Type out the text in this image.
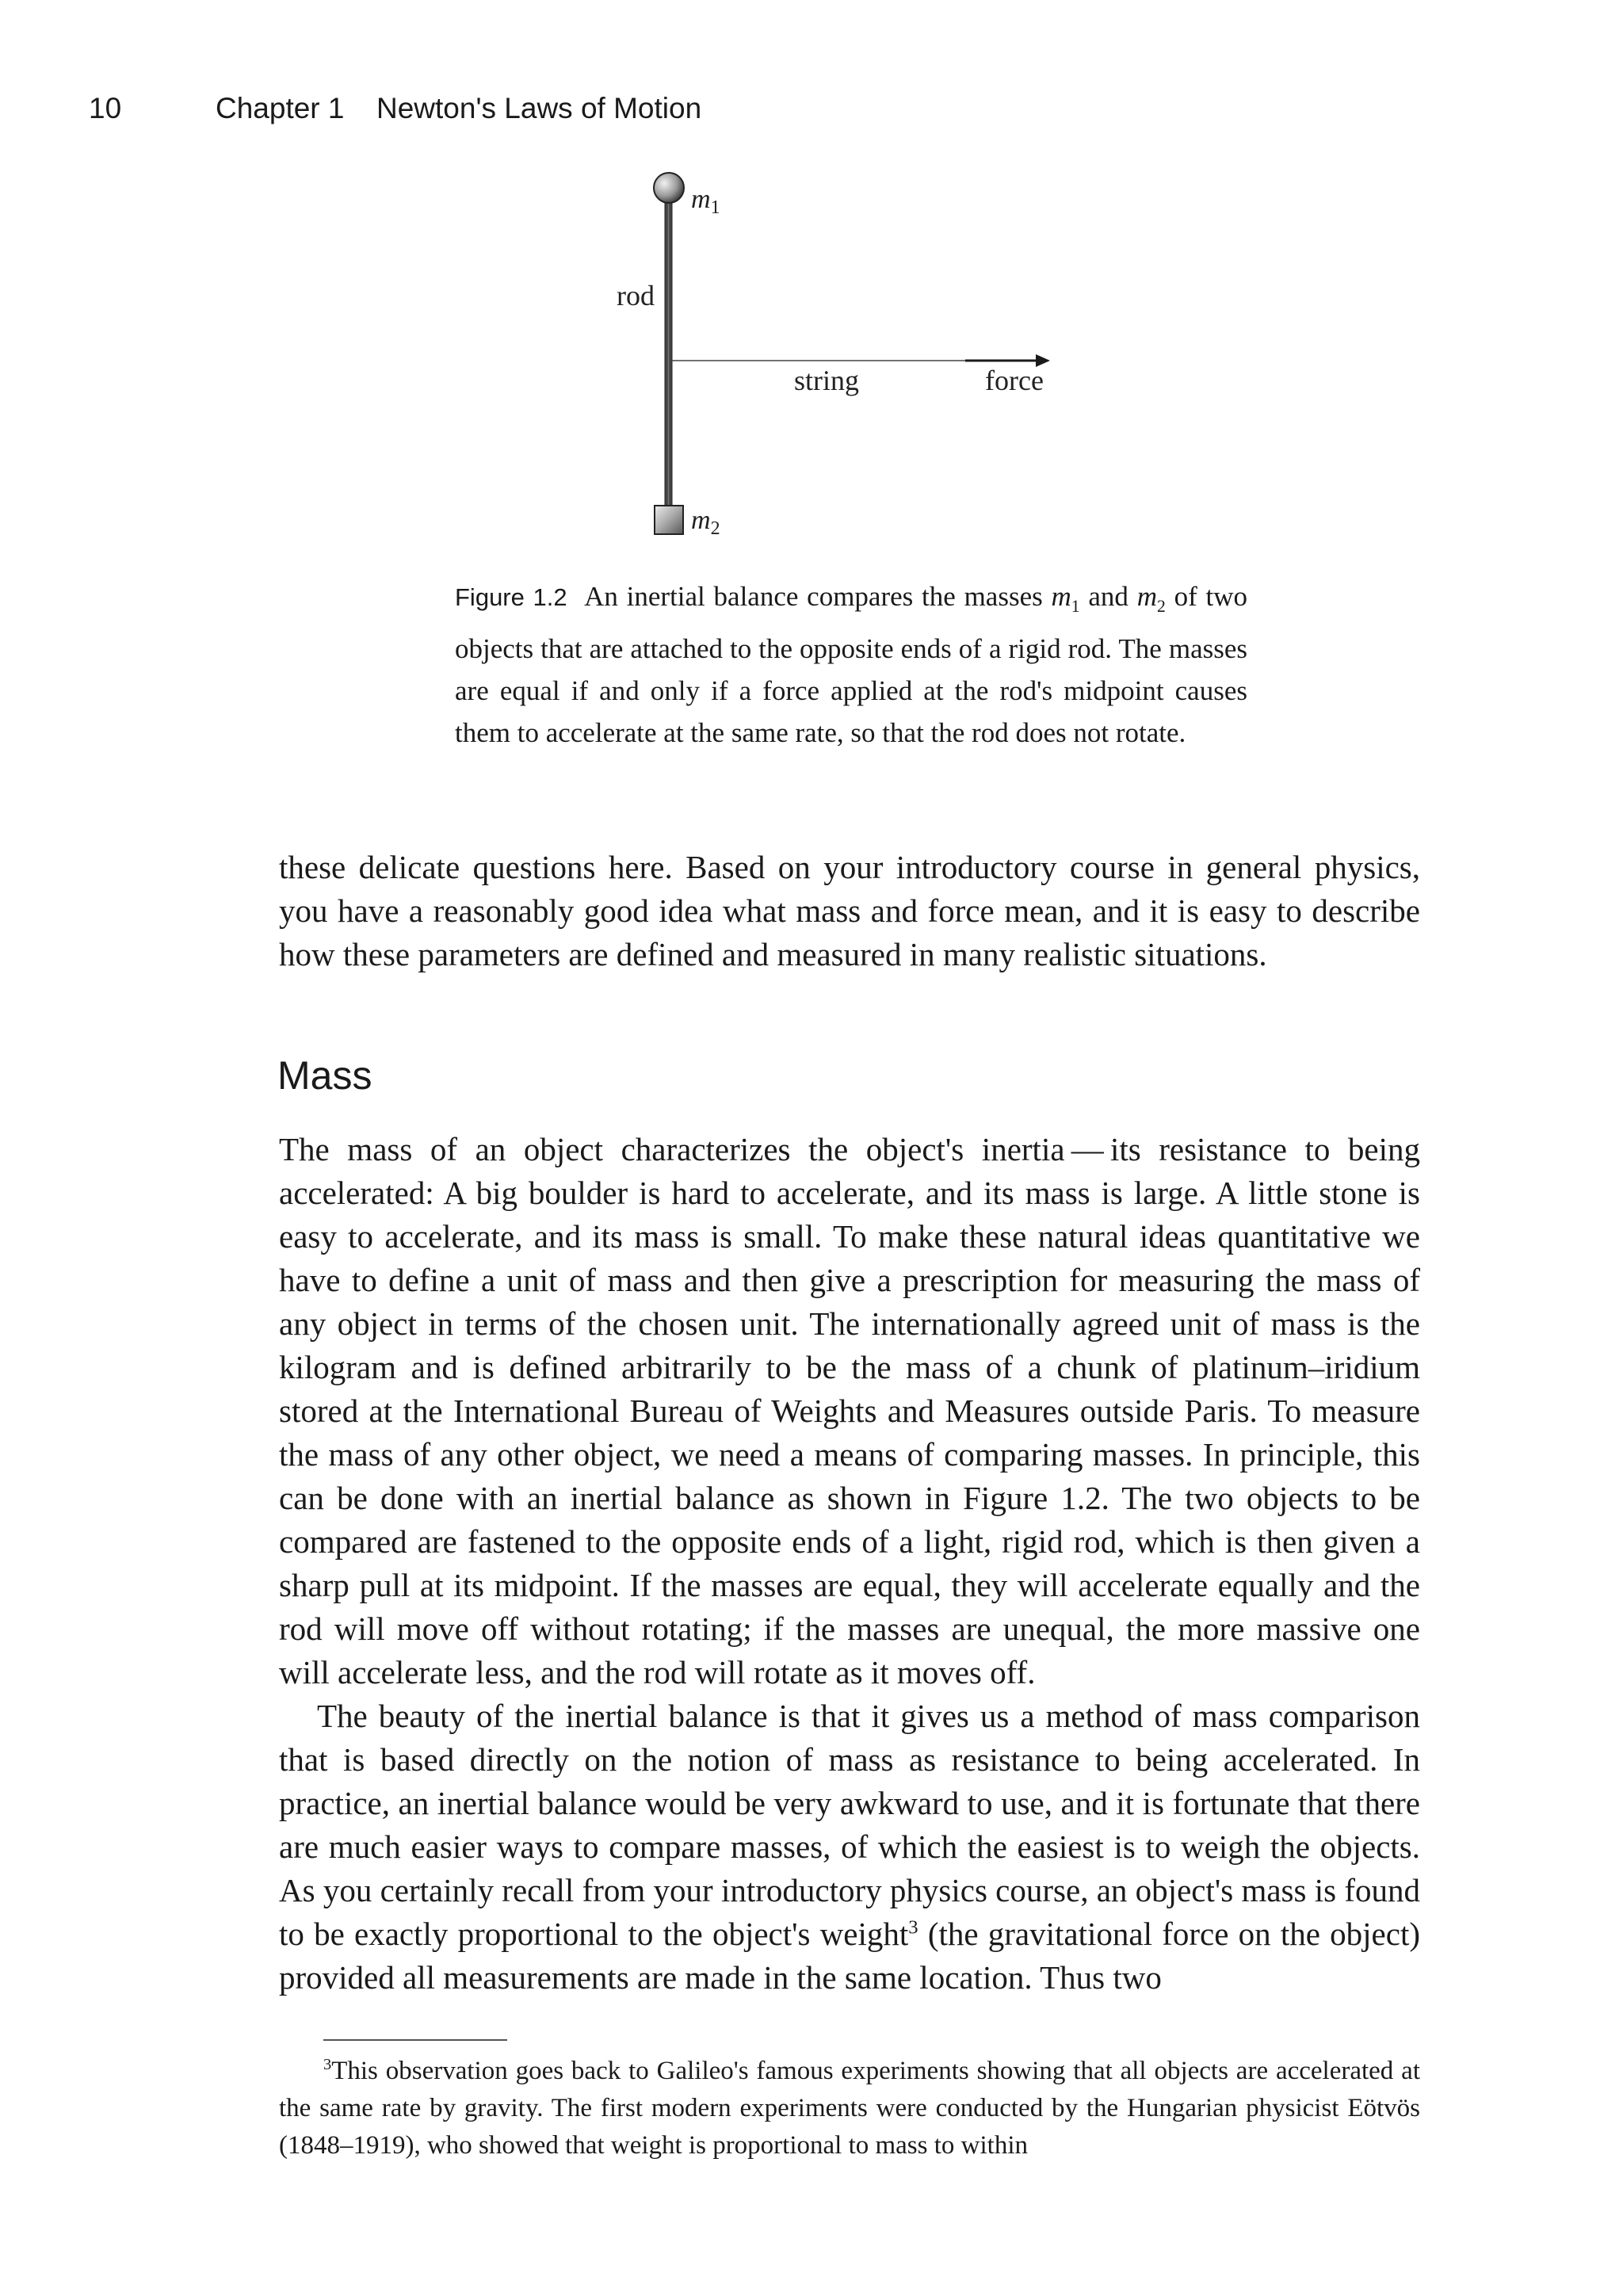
10	Chapter 1 Newton's Laws of Motion
rod
string	force
$m_1$
$m_2$
Figure 1.2 An inertial balance compares the masses $m_1$ and $m_2$ of two objects that are attached to the opposite ends of a rigid rod. The masses are equal if and only if a force applied at the rod's midpoint causes them to accelerate at the same rate, so that the rod does not rotate.

these delicate questions here. Based on your introductory course in general physics, you have a reasonably good idea what mass and force mean, and it is easy to describe how these parameters are defined and measured in many realistic situations.

Mass

The mass of an object characterizes the object's inertia — its resistance to being accelerated: A big boulder is hard to accelerate, and its mass is large. A little stone is easy to accelerate, and its mass is small. To make these natural ideas quantitative we have to define a unit of mass and then give a prescription for measuring the mass of any object in terms of the chosen unit. The internationally agreed unit of mass is the kilogram and is defined arbitrarily to be the mass of a chunk of platinum–iridium stored at the International Bureau of Weights and Measures outside Paris. To measure the mass of any other object, we need a means of comparing masses. In principle, this can be done with an inertial balance as shown in Figure 1.2. The two objects to be compared are fastened to the opposite ends of a light, rigid rod, which is then given a sharp pull at its midpoint. If the masses are equal, they will accelerate equally and the rod will move off without rotating; if the masses are unequal, the more massive one will accelerate less, and the rod will rotate as it moves off.

The beauty of the inertial balance is that it gives us a method of mass comparison that is based directly on the notion of mass as resistance to being accelerated. In practice, an inertial balance would be very awkward to use, and it is fortunate that there are much easier ways to compare masses, of which the easiest is to weigh the objects. As you certainly recall from your introductory physics course, an object's mass is found to be exactly proportional to the object's weight$^3$ (the gravitational force on the object) provided all measurements are made in the same location. Thus two

$^3$This observation goes back to Galileo's famous experiments showing that all objects are accelerated at the same rate by gravity. The first modern experiments were conducted by the Hungarian physicist Eötvös (1848–1919), who showed that weight is proportional to mass to within
